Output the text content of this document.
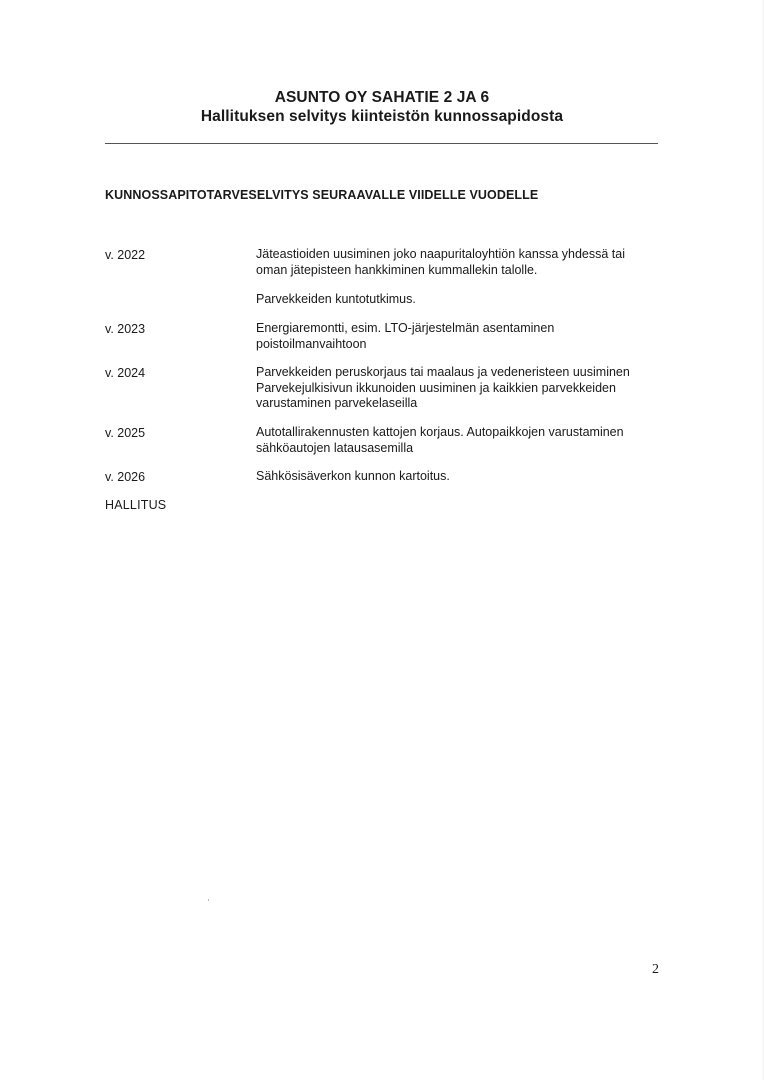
ASUNTO OY SAHATIE 2 JA 6
Hallituksen selvitys kiinteistön kunnossapidosta
KUNNOSSAPITOTARVESELVITYS SEURAAVALLE VIIDELLE VUODELLE
v. 2022	Jäteastioiden uusiminen joko naapuritaloyhtiön kanssa yhdessä tai
oman jätepisteen hankkiminen kummallekin talolle.
Parvekkeiden kuntotutkimus.
v. 2023	Energiaremontti, esim. LTO-järjestelmän asentaminen
poistoilmanvaihtoon
v. 2024	Parvekkeiden peruskorjaus tai maalaus ja vedeneristeen uusiminen
Parvekejulkisivun ikkunoiden uusiminen ja kaikkien parvekkeiden
varustaminen parvekelaseilla
v. 2025	Autotallirakennusten kattojen korjaus. Autopaikkojen varustaminen
sähköautojen latausasemilla
v. 2026	Sähkösisäverkon kunnon kartoitus.
HALLITUS
2
